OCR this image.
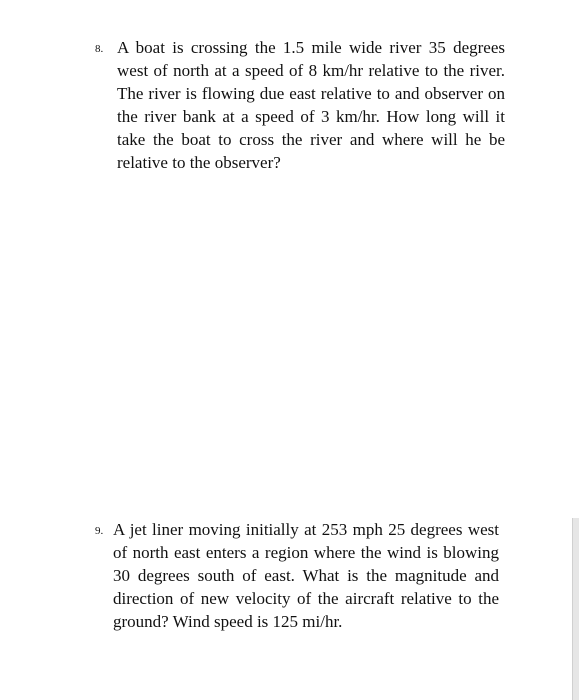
8. A boat is crossing the 1.5 mile wide river 35 degrees west of north at a speed of 8 km/hr relative to the river. The river is flowing due east relative to and observer on the river bank at a speed of 3 km/hr. How long will it take the boat to cross the river and where will he be relative to the observer?

9. A jet liner moving initially at 253 mph 25 degrees west of north east enters a region where the wind is blowing 30 degrees south of east. What is the magnitude and direction of new velocity of the aircraft relative to the ground? Wind speed is 125 mi/hr.
